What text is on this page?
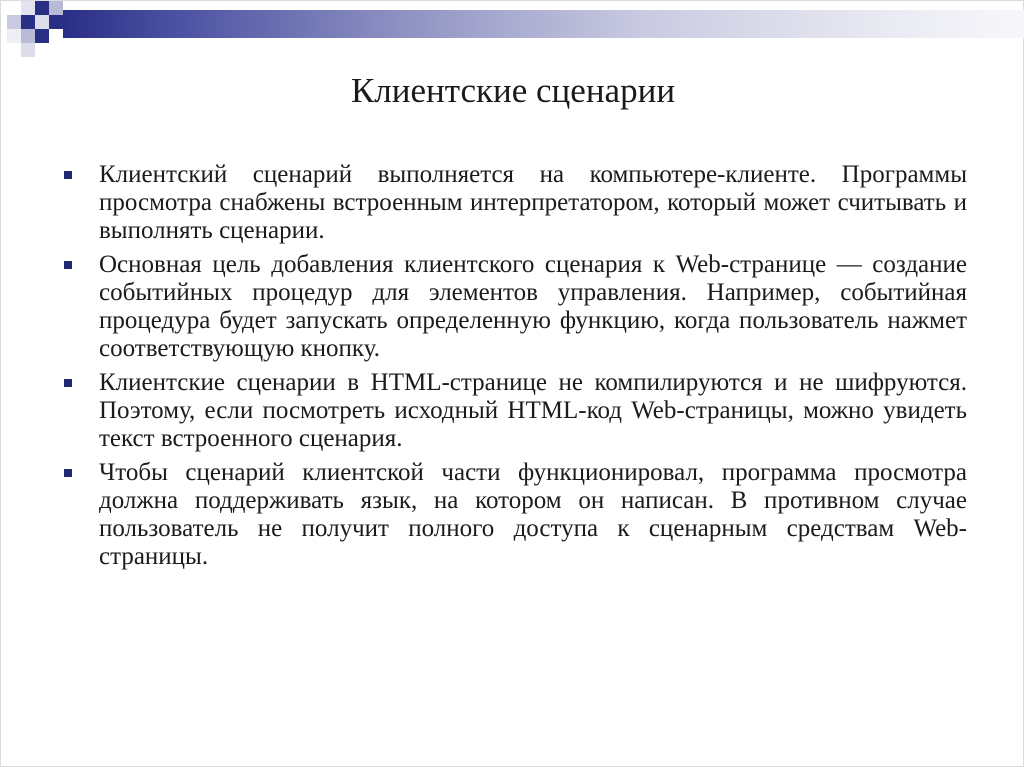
Клиентские сценарии
Клиентский сценарий выполняется на компьютере-клиенте. Программы просмотра снабжены встроенным интерпретатором, который может считывать и выполнять сценарии.
Основная цель добавления клиентского сценария к Web-странице — создание событийных процедур для элементов управления. Например, событийная процедура будет запускать определенную функцию, когда пользователь нажмет соответствующую кнопку.
Клиентские сценарии в HTML-странице не компилируются и не шифруются. Поэтому, если посмотреть исходный HTML-код Web-страницы, можно увидеть текст встроенного сценария.
Чтобы сценарий клиентской части функционировал, программа просмотра должна поддерживать язык, на котором он написан. В противном случае пользователь не получит полного доступа к сценарным средствам Web-страницы.
